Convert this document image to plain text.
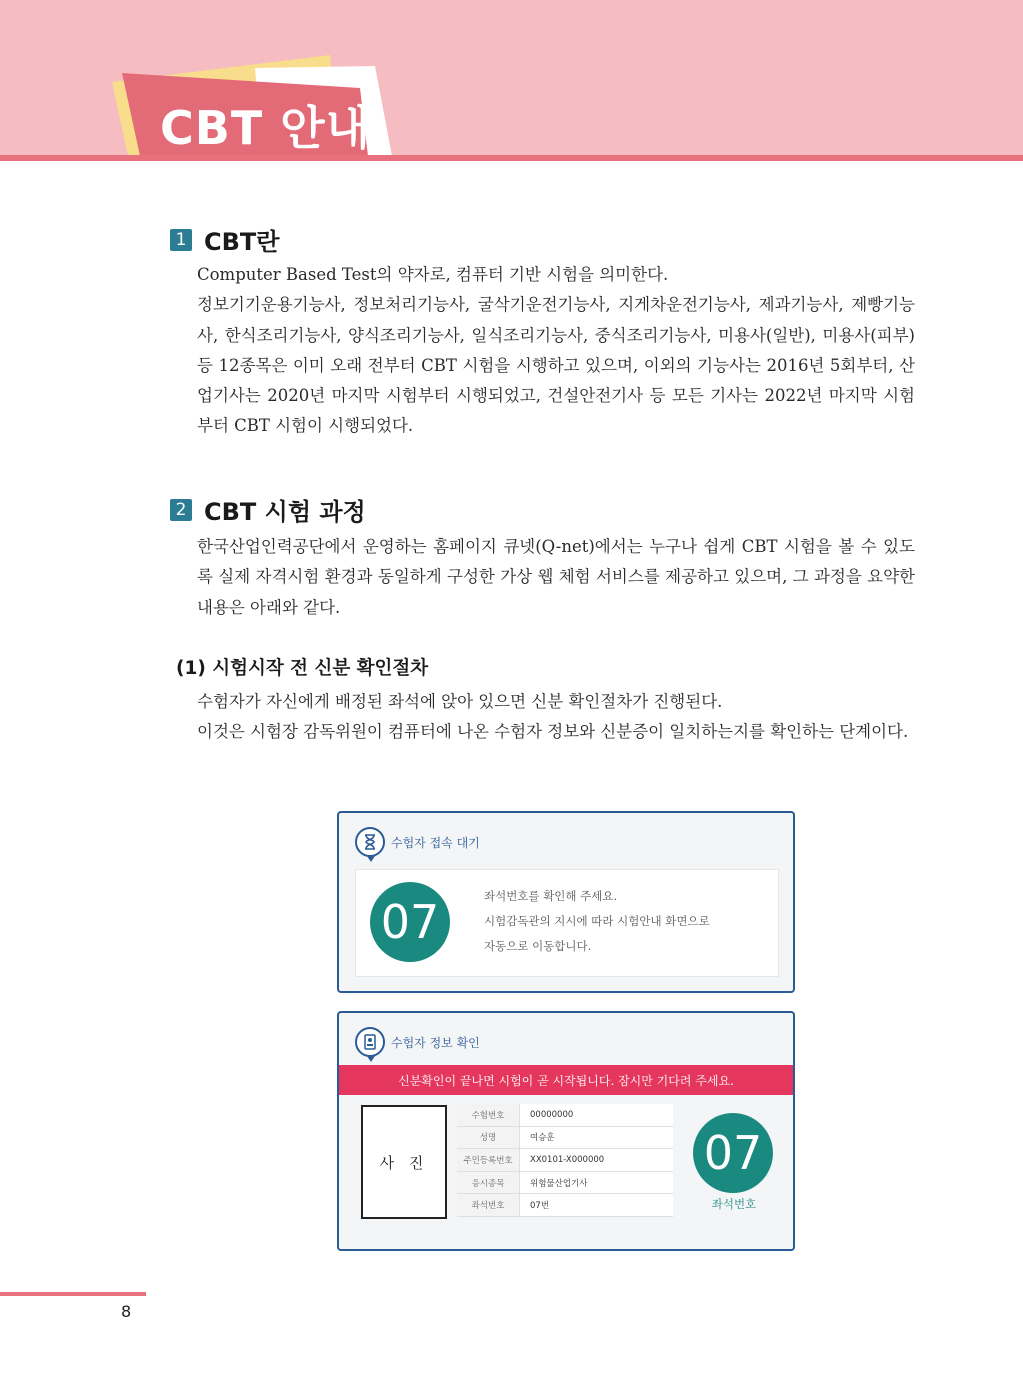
CBT 안내
1 CBT란

Computer Based Test의 약자로, 컴퓨터 기반 시험을 의미한다.

정보기기운용기능사, 정보처리기능사, 굴삭기운전기능사, 지게차운전기능사, 제과기능사, 제빵기능사, 한식조리기능사, 양식조리기능사, 일식조리기능사, 중식조리기능사, 미용사(일반), 미용사(피부) 등 12종목은 이미 오래 전부터 CBT 시험을 시행하고 있으며, 이외의 기능사는 2016년 5회부터, 산업기사는 2020년 마지막 시험부터 시행되었고, 건설안전기사 등 모든 기사는 2022년 마지막 시험부터 CBT 시험이 시행되었다.

2 CBT 시험 과정

한국산업인력공단에서 운영하는 홈페이지 큐넷(Q-net)에서는 누구나 쉽게 CBT 시험을 볼 수 있도록 실제 자격시험 환경과 동일하게 구성한 가상 웹 체험 서비스를 제공하고 있으며, 그 과정을 요약한 내용은 아래와 같다.

(1) 시험시작 전 신분 확인절차

수험자가 자신에게 배정된 좌석에 앉아 있으면 신분 확인절차가 진행된다.

이것은 시험장 감독위원이 컴퓨터에 나온 수험자 정보와 신분증이 일치하는지를 확인하는 단계이다.

수험자 접속 대기
07	좌석번호를 확인해 주세요.
시험감독관의 지시에 따라 시험안내 화면으로
자동으로 이동합니다.
수험자 정보 확인
신분확인이 끝나면 시험이 곧 시작됩니다. 잠시만 기다려 주세요.
사 진
수험번호	00000000
성명	여승훈
주민등록번호	XX0101-X000000
응시종목	위험물산업기사
좌석번호	07번
07
좌석번호
8
